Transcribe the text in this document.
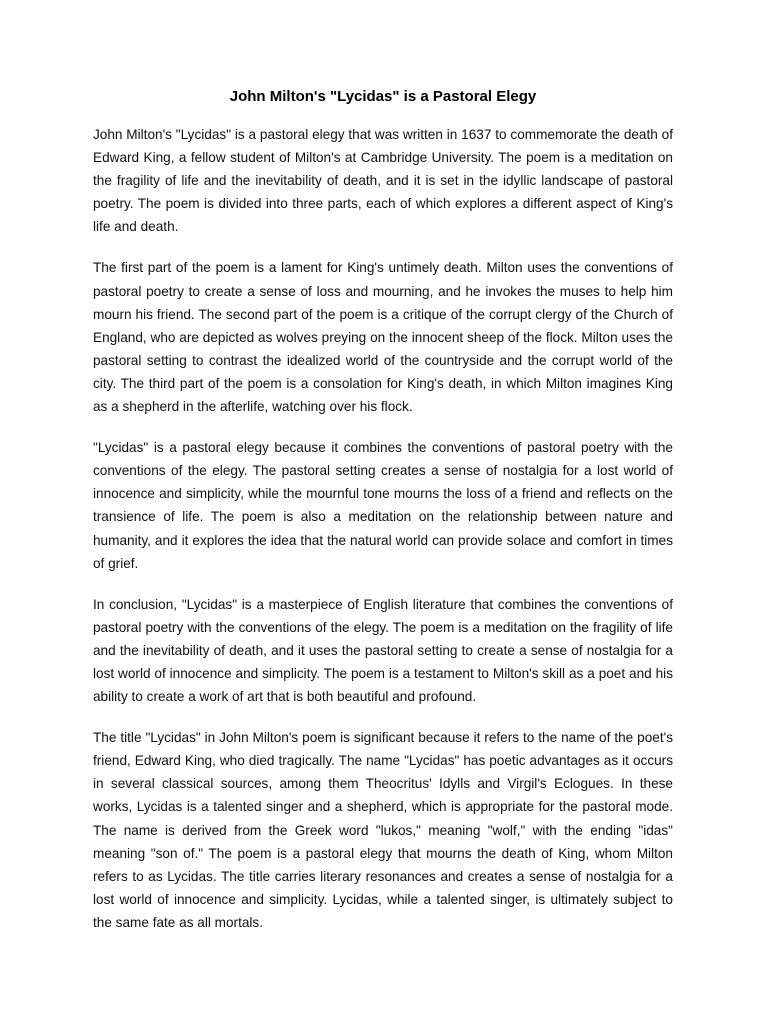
John Milton's "Lycidas" is a Pastoral Elegy

John Milton's "Lycidas" is a pastoral elegy that was written in 1637 to commemorate the death of Edward King, a fellow student of Milton's at Cambridge University. The poem is a meditation on the fragility of life and the inevitability of death, and it is set in the idyllic landscape of pastoral poetry. The poem is divided into three parts, each of which explores a different aspect of King's life and death.

The first part of the poem is a lament for King's untimely death. Milton uses the conventions of pastoral poetry to create a sense of loss and mourning, and he invokes the muses to help him mourn his friend. The second part of the poem is a critique of the corrupt clergy of the Church of England, who are depicted as wolves preying on the innocent sheep of the flock. Milton uses the pastoral setting to contrast the idealized world of the countryside and the corrupt world of the city. The third part of the poem is a consolation for King's death, in which Milton imagines King as a shepherd in the afterlife, watching over his flock.

"Lycidas" is a pastoral elegy because it combines the conventions of pastoral poetry with the conventions of the elegy. The pastoral setting creates a sense of nostalgia for a lost world of innocence and simplicity, while the mournful tone mourns the loss of a friend and reflects on the transience of life. The poem is also a meditation on the relationship between nature and humanity, and it explores the idea that the natural world can provide solace and comfort in times of grief.

In conclusion, "Lycidas" is a masterpiece of English literature that combines the conventions of pastoral poetry with the conventions of the elegy. The poem is a meditation on the fragility of life and the inevitability of death, and it uses the pastoral setting to create a sense of nostalgia for a lost world of innocence and simplicity. The poem is a testament to Milton's skill as a poet and his ability to create a work of art that is both beautiful and profound.

The title "Lycidas" in John Milton's poem is significant because it refers to the name of the poet's friend, Edward King, who died tragically. The name "Lycidas" has poetic advantages as it occurs in several classical sources, among them Theocritus' Idylls and Virgil's Eclogues. In these works, Lycidas is a talented singer and a shepherd, which is appropriate for the pastoral mode. The name is derived from the Greek word "lukos," meaning "wolf," with the ending "idas" meaning "son of." The poem is a pastoral elegy that mourns the death of King, whom Milton refers to as Lycidas. The title carries literary resonances and creates a sense of nostalgia for a lost world of innocence and simplicity. Lycidas, while a talented singer, is ultimately subject to the same fate as all mortals.
